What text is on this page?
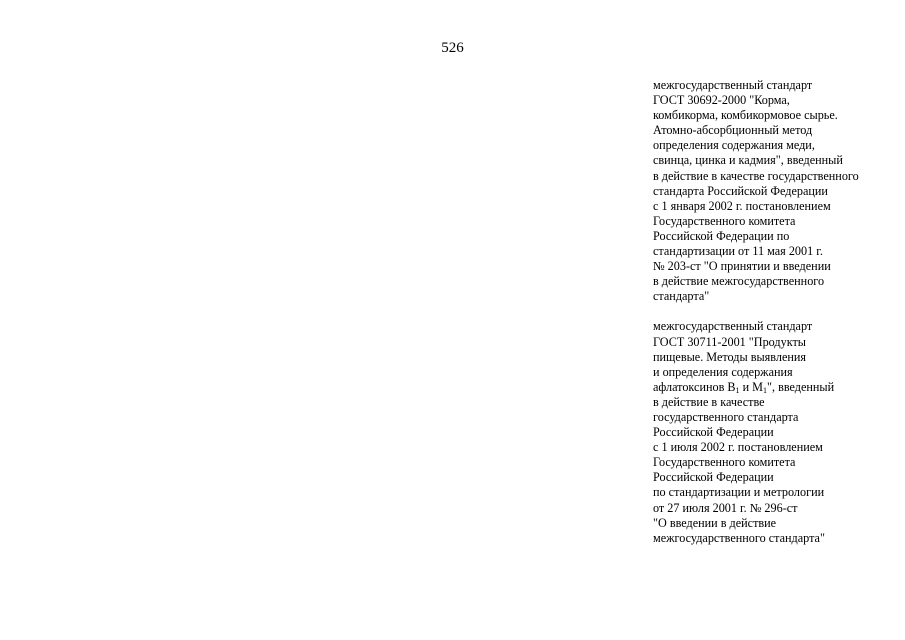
526

межгосударственный стандарт
ГОСТ 30692-2000 "Корма,
комбикорма, комбикормовое сырье.
Атомно-абсорбционный метод
определения содержания меди,
свинца, цинка и кадмия", введенный
в действие в качестве государственного
стандарта Российской Федерации
с 1 января 2002 г. постановлением
Государственного комитета
Российской Федерации по
стандартизации от 11 мая 2001 г.
№ 203-ст "О принятии и введении
в действие межгосударственного
стандарта"

межгосударственный стандарт
ГОСТ 30711-2001 "Продукты
пищевые. Методы выявления
и определения содержания
афлатоксинов $B_1$ и $M_1$", введенный
в действие в качестве
государственного стандарта
Российской Федерации
с 1 июля 2002 г. постановлением
Государственного комитета
Российской Федерации
по стандартизации и метрологии
от 27 июля 2001 г. № 296-ст
"О введении в действие
межгосударственного стандарта"
